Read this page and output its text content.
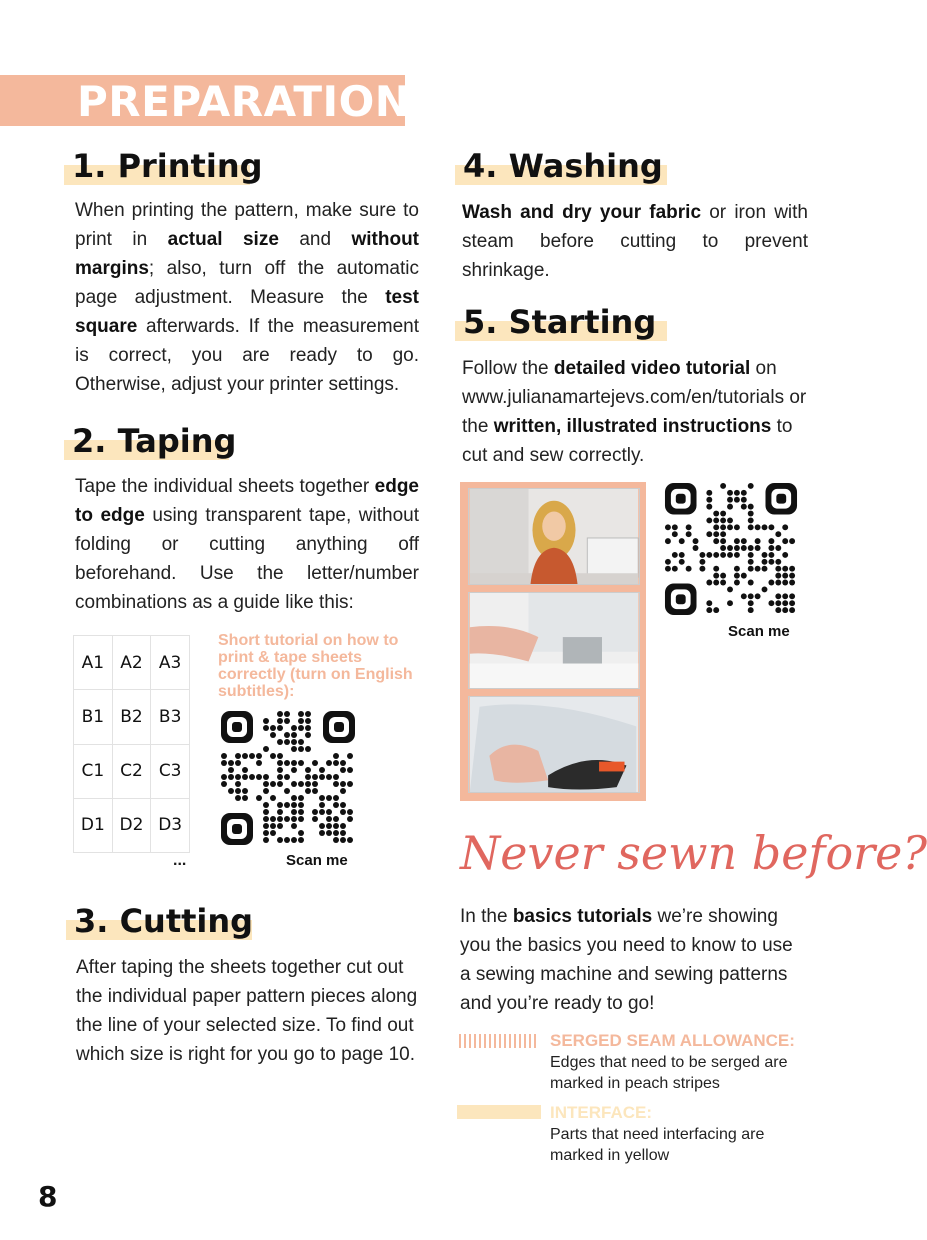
PREPARATION
1. Printing
When printing the pattern, make sure to print in actual size and without margins; also, turn off the automatic page adjustment. Measure the test square afterwards. If the measurement is correct, you are ready to go. Otherwise, adjust your printer settings.
2. Taping
Tape the individual sheets together edge to edge using transparent tape, without folding or cutting anything off beforehand. Use the letter/number combinations as a guide like this:
A1	A2	A3
B1	B2	B3
C1	C2	C3
D1	D2	D3
...
Short tutorial on how to print & tape sheets correctly (turn on English subtitles):
Scan me
3. Cutting
After taping the sheets together cut out the individual paper pattern pieces along the line of your selected size. To find out which size is right for you go to page 10.
4. Washing
Wash and dry your fabric or iron with steam before cutting to prevent shrinkage.
5. Starting
Follow the detailed video tutorial on www.julianamartejevs.com/en/tutorials or the written, illustrated instructions to cut and sew correctly.
Scan me
Never sewn before?
In the basics tutorials we’re showing you the basics you need to know to use a sewing machine and sewing patterns and you’re ready to go!
SERGED SEAM ALLOWANCE:
Edges that need to be serged are marked in peach stripes
INTERFACE:
Parts that need interfacing are marked in yellow
8
